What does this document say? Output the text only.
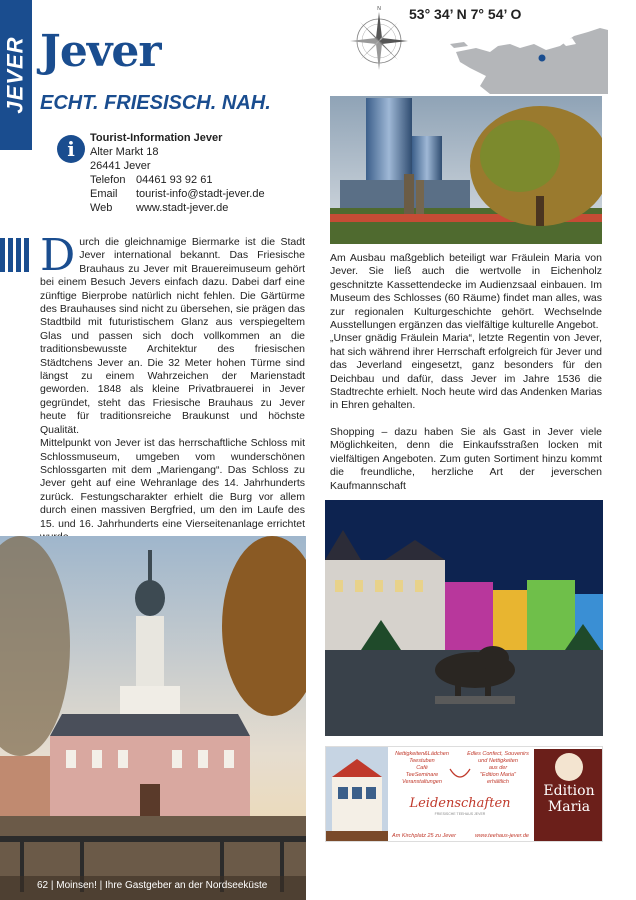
JEVER Jever
ECHT. FRIESISCH. NAH.
N 53° 34’ N 7° 54’ O
i	Tourist-Information Jever
Alter Markt 18
26441 Jever
Telefon 04461 93 92 61
Email	tourist-info@stadt-jever.de
Web	www.stadt-jever.de

Durch die gleichnamige Biermarke ist die Stadt Jever international bekannt. Das Friesische Brauhaus zu Jever mit Brauereimuseum gehört bei einem Besuch Jevers einfach dazu. Dabei darf eine zünftige Bierprobe natürlich nicht fehlen. Die Gärtürme des Brauhauses sind nicht zu übersehen, sie prägen das Stadtbild mit futuristischem Glanz aus verspiegeltem Glas und passen sich doch vollkommen an die traditionsbewusste Architektur des friesischen Städtchens Jever an. Die 32 Meter hohen Türme sind längst zu einem Wahrzeichen der Marienstadt geworden. 1848 als kleine Privatbrauerei in Jever gegründet, steht das Friesische Brauhaus zu Jever heute für traditionsreiche Braukunst und höchste Qualität.

Mittelpunkt von Jever ist das herrschaftliche Schloss mit Schlossmuseum, umgeben vom wunderschönen Schlossgarten mit dem „Mariengang“. Das Schloss zu Jever geht auf eine Wehranlage des 14. Jahrhunderts zurück. Festungscharakter erhielt die Burg vor allem durch einen massiven Bergfried, um den im Laufe des 15. und 16. Jahrhunderts eine Vierseitenanlage errichtet

Am Ausbau maßgeblich beteiligt war Fräulein Maria von Jever. Sie ließ auch die wertvolle in Eichenholz geschnitzte Kassettendecke im Audienzsaal einbauen. Im Museum des Schlosses (60 Räume) findet man alles, was zur regionalen Kulturgeschichte gehört. Wechselnde Ausstellungen ergänzen das vielfältige kulturelle Angebot.

„Unser gnädig Fräulein Maria“, letzte Regentin von Jever, hat sich während ihrer Herrschaft erfolgreich für Jever und das Jeverland eingesetzt, ganz besonders für den Deichbau und dafür, dass Jever im Jahre 1536 die Stadtrechte erhielt. Noch heute wird das Andenken Marias in Ehren gehalten.

Shopping – dazu haben Sie als Gast in Jever viele Möglichkeiten, denn die Einkaufsstraßen locken mit vielfältigen Angeboten. Zum guten Sortiment hinzu kommt die freundliche, herzliche Art der jeverschen Kaufmannschaft

Edition
Maria
Nettigkeiten&Lädchen
Teestuben
Café
TeeSeminare
Veranstaltungen
Edles Confect, Souvenirs
und Nettigkeiten
aus der
"Edition Maria"
erhältlich
Leidenschaften
FRIESISCHE TEEHAUS JEVER
Am Kirchplatz 25 zu Jever	www.teehaus-jever.de
62 | Moinsen! | Ihre Gastgeber an der Nordseeküste
